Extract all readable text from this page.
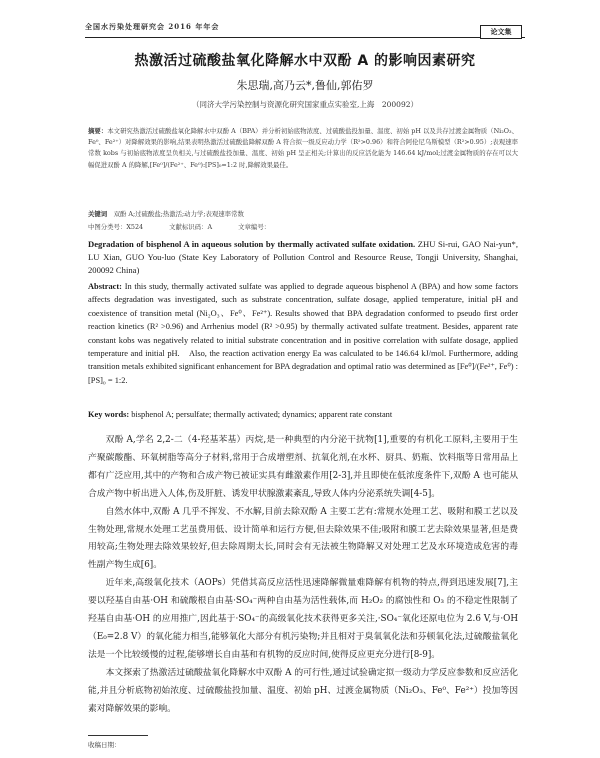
全国水污染处理研究会 2016 年年会
论文集
热激活过硫酸盐氧化降解水中双酚 A 的影响因素研究
朱思瑞,高乃云*,鲁仙,郭佑罗
（同济大学污染控制与资源化研究国家重点实验室,上海　200092）
摘要：本文研究热激活过硫酸盐氧化降解水中双酚 A（BPA）并分析初始底物浓度、过硫酸盐投加量、温度、初始 pH 以及共存过渡金属物质（Ni₂O₃、Fe⁰、Fe²⁺）对降解效果的影响,结果表明热激活过硫酸盐降解双酚 A 符合拟一级反应动力学（R²>0.96）和符合阿伦尼乌斯模型（R²>0.95）;表观速率常数 kobs 与初始底物浓度呈负相关,与过硫酸盐投加量、温度、初始 pH 呈正相关;计算出的反应活化能为 146.64 kJ/mol;过渡金属物质的存在可以大幅促进双酚 A 的降解,[Fe⁰]/(Fe²⁺、Fe⁰):[PS]₀=1:2 时,降解效果最佳。
关键词　 双酚 A;过硫酸盐;热激活;动力学;表观速率常数
中图分类号：X524	文献标识码：A	文章编号：
Degradation of bisphenol A in aqueous solution by thermally activated sulfate oxidation. ZHU Si-rui, GAO Nai-yun*, LU Xian, GUO You-luo (State Key Laboratory of Pollution Control and Resource Reuse, Tongji University, Shanghai, 200092 China)
Abstract: In this study, thermally activated sulfate was applied to degrade aqueous bisphenol A (BPA) and how some factors affects degradation was investigated, such as substrate concentration, sulfate dosage, applied temperature, initial pH and coexistence of transition metal (Ni₂O₃、Fe⁰、Fe²⁺). Results showed that BPA degradation conformed to pseudo first order reaction kinetics (R² >0.96) and Arrhenius model (R² >0.95) by thermally activated sulfate treatment. Besides, apparent rate constant kobs was negatively related to initial substrate concentration and in positive correlation with sulfate dosage, applied temperature and initial pH.　Also, the reaction activation energy Ea was calculated to be 146.64 kJ/mol. Furthermore, adding transition metals exhibited significant enhancement for BPA degradation and optimal ratio was determined as [Fe⁰]/(Fe²⁺, Fe⁰) : [PS]₀ = 1:2.
Key words: bisphenol A; persulfate; thermally activated; dynamics; apparent rate constant

双酚 A,学名 2,2-二（4-羟基苯基）丙烷,是一种典型的内分泌干扰物[1],重要的有机化工原料,主要用于生产聚碳酸酯、环氧树脂等高分子材料,常用于合成增塑剂、抗氧化剂,在水杯、厨具、奶瓶、饮料瓶等日常用品上都有广泛应用,其中的产物和合成产物已被证实具有雌激素作用[2-3],并且即使在低浓度条件下,双酚 A 也可能从合成产物中析出进入人体,伤及肝脏、诱发甲状腺激素紊乱,导致人体内分泌系统失调[4-5]。

自然水体中,双酚 A 几乎不挥发、不水解,目前去除双酚 A 主要工艺有:常规水处理工艺、吸附和膜工艺以及生物处理,常规水处理工艺虽费用低、设计简单和运行方便,但去除效果不佳;吸附和膜工艺去除效果显著,但是费用较高;生物处理去除效果较好,但去除周期太长,同时会有无法被生物降解又对处理工艺及水环境造成危害的毒性副产物生成[6]。

近年来,高级氧化技术（AOPs）凭借其高反应活性迅速降解微量难降解有机物的特点,得到迅速发展[7],主要以羟基自由基·OH 和硫酸根自由基·SO₄⁻两种自由基为活性载体,而 H₂O₂ 的腐蚀性和 O₃ 的不稳定性限制了羟基自由基·OH 的应用推广,因此基于·SO₄⁻的高级氧化技术获得更多关注,·SO₄⁻氧化还原电位为 2.6 V,与·OH（E₀=2.8 V）的氧化能力相当,能够氧化大部分有机污染物;并且相对于臭氧氧化法和芬顿氧化法,过硫酸盐氧化法是一个比较缓慢的过程,能够增长自由基和有机物的反应时间,使得反应更充分进行[8-9]。

本文探索了热激活过硫酸盐氧化降解水中双酚 A 的可行性,通过试验确定拟一级动力学反应参数和反应活化能,并且分析底物初始浓度、过硫酸盐投加量、温度、初始 pH、过渡金属物质（Ni₂O₃、Fe⁰、Fe²⁺）投加等因素对降解效果的影响。

收稿日期：
